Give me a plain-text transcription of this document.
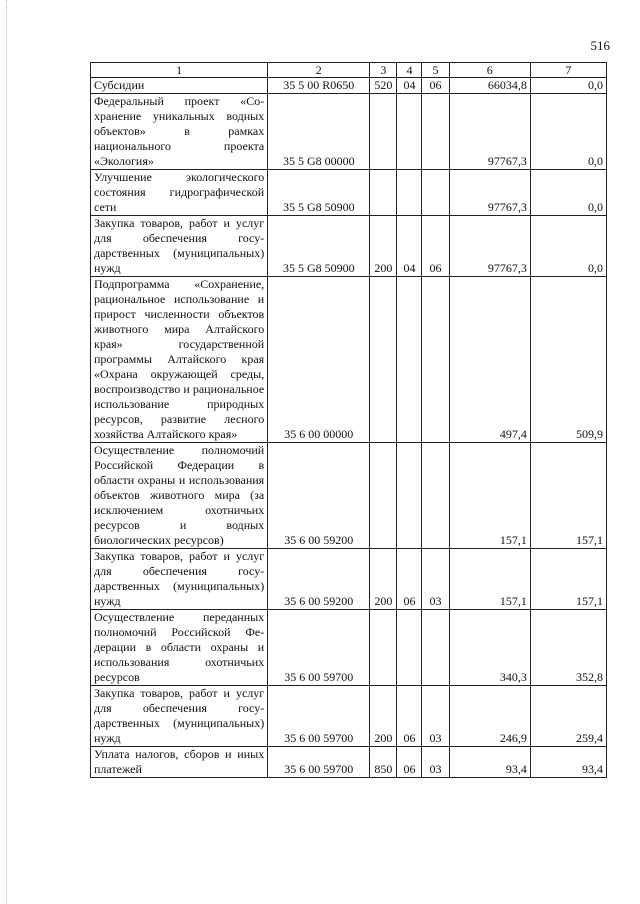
516
1	2	3	4	5	6	7
Субсидии	35 5 00 R0650	520	04	06	66034,8	0,0
Федеральный проект «Сохранение уникальных водных объектов» в рамках национального проекта «Экология»	35 5 G8 00000				97767,3	0,0
Улучшение экологического состояния гидрографической сети	35 5 G8 50900				97767,3	0,0
Закупка товаров, работ и услуг для обеспечения государственных (муниципальных) нужд	35 5 G8 50900	200	04	06	97767,3	0,0
Подпрограмма «Сохранение, рациональное использование и прирост численности объектов животного мира Алтайского края» государственной программы Алтайского края «Охрана окружающей среды, воспроизводство и рациональное использование природных ресурсов, развитие лесного хозяйства Алтайского края»	35 6 00 00000				497,4	509,9
Осуществление полномочий Российской Федерации в области охраны и использования объектов животного мира (за исключением охотничьих ресурсов и водных биологических ресурсов)	35 6 00 59200				157,1	157,1
Закупка товаров, работ и услуг для обеспечения государственных (муниципальных) нужд	35 6 00 59200	200	06	03	157,1	157,1
Осуществление переданных полномочий Российской Федерации в области охраны и использования охотничьих ресурсов	35 6 00 59700				340,3	352,8
Закупка товаров, работ и услуг для обеспечения государственных (муниципальных) нужд	35 6 00 59700	200	06	03	246,9	259,4
Уплата налогов, сборов и иных платежей	35 6 00 59700	850	06	03	93,4	93,4
